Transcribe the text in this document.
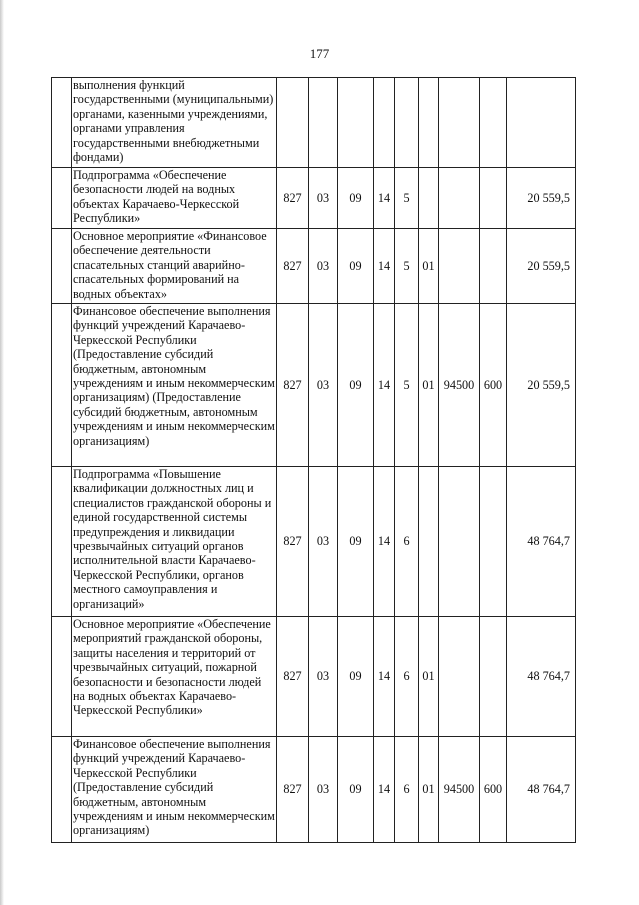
177
	выполнения функций государственными (муниципальными) органами, казенными учреждениями, органами управления государственными внебюджетными фондами)									
	Подпрограмма «Обеспечение безопасности людей на водных объектах Карачаево-Черкесской Республики»	827	03	09	14	5				20 559,5
	Основное мероприятие «Финансовое обеспечение деятельности спасательных станций аварийно-спасательных формирований на водных объектах»	827	03	09	14	5	01			20 559,5
	Финансовое обеспечение выполнения функций учреждений Карачаево-Черкесской Республики (Предоставление субсидий бюджетным, автономным учреждениям и иным некоммерческим организациям) (Предоставление субсидий бюджетным, автономным учреждениям и иным некоммерческим организациям)	827	03	09	14	5	01	94500	600	20 559,5
	Подпрограмма «Повышение квалификации должностных лиц и специалистов гражданской обороны и единой государственной системы предупреждения и ликвидации чрезвычайных ситуаций органов исполнительной власти Карачаево-Черкесской Республики, органов местного самоуправления и организаций»	827	03	09	14	6				48 764,7
	Основное мероприятие «Обеспечение мероприятий гражданской обороны, защиты населения и территорий от чрезвычайных ситуаций, пожарной безопасности и безопасности людей на водных объектах Карачаево-Черкесской Республики»	827	03	09	14	6	01			48 764,7
	Финансовое обеспечение выполнения функций учреждений Карачаево-Черкесской Республики (Предоставление субсидий бюджетным, автономным учреждениям и иным некоммерческим организациям)	827	03	09	14	6	01	94500	600	48 764,7
